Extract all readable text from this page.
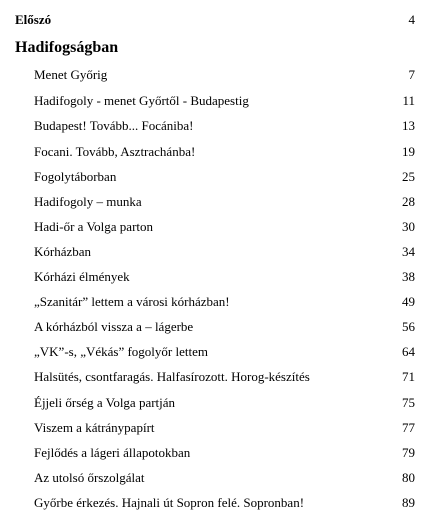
Előszó	4
Hadifogságban
Menet Győrig	7
Hadifogoly - menet Győrtől - Budapestig	11
Budapest! Tovább... Focániba!	13
Focani. Tovább, Asztrachánba!	19
Fogolytáborban	25
Hadifogoly – munka	28
Hadi-őr a Volga parton	30
Kórházban	34
Kórházi élmények	38
„Szanitár” lettem a városi kórházban!	49
A kórházból vissza a – lágerbe	56
„VK”-s, „Vékás” fogolyőr lettem	64
Halsütés, csontfaragás. Halfasírozott. Horog-készítés	71
Éjjeli őrség a Volga partján	75
Viszem a kátránypapírt	77
Fejlődés a lágeri állapotokban	79
Az utolsó őrszolgálat	80
Győrbe érkezés. Hajnali út Sopron felé. Sopronban!	89
